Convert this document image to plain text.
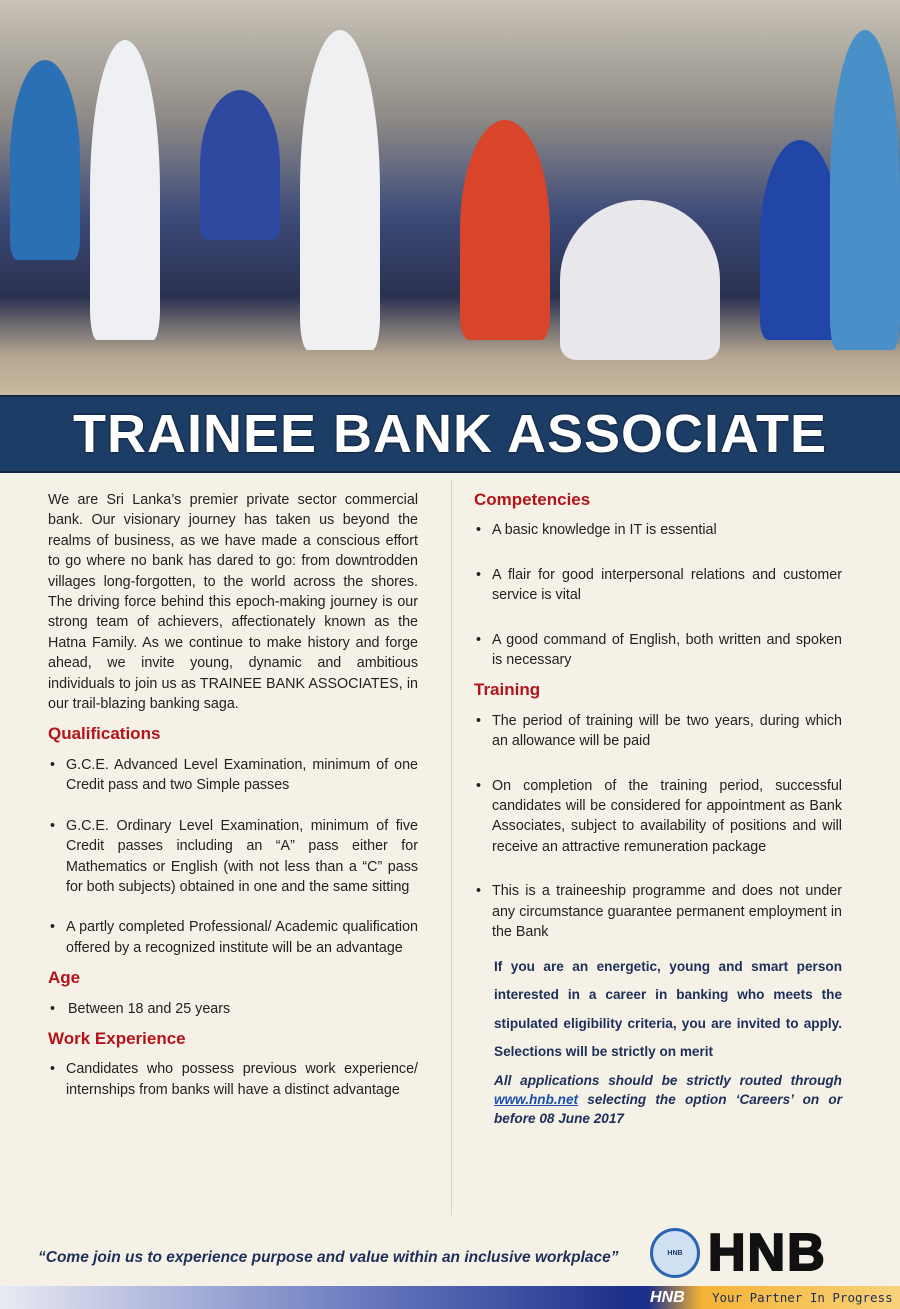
TRAINEE BANK ASSOCIATE

We are Sri Lanka’s premier private sector commercial bank. Our visionary journey has taken us beyond the realms of business, as we have made a conscious effort to go where no bank has dared to go: from downtrodden villages long-forgotten, to the world across the shores. The driving force behind this epoch-making journey is our strong team of achievers, affectionately known as the Hatna Family. As we continue to make history and forge ahead, we invite young, dynamic and ambitious individuals to join us as TRAINEE BANK ASSOCIATES, in our trail-blazing banking saga.

Qualifications
• G.C.E. Advanced Level Examination, minimum of one Credit pass and two Simple passes
• G.C.E. Ordinary Level Examination, minimum of five Credit passes including an “A” pass either for Mathematics or English (with not less than a “C” pass for both subjects) obtained in one and the same sitting
• A partly completed Professional/ Academic qualification offered by a recognized institute will be an advantage
Age
• Between 18 and 25 years
Work Experience
• Candidates who possess previous work experience/ internships from banks will have a distinct advantage
Competencies
• A basic knowledge in IT is essential
• A flair for good interpersonal relations and customer service is vital
• A good command of English, both written and spoken is necessary
Training
• The period of training will be two years, during which an allowance will be paid
• On completion of the training period, successful candidates will be considered for appointment as Bank Associates, subject to availability of positions and will receive an attractive remuneration package
• This is a traineeship programme and does not under any circumstance guarantee permanent employment in the Bank

If you are an energetic, young and smart person interested in a career in banking who meets the stipulated eligibility criteria, you are invited to apply. Selections will be strictly on merit

All applications should be strictly routed through www.hnb.net selecting the option ‘Careers’ on or before 08 June 2017

“Come join us to experience purpose and value within an inclusive workplace”	HNB HNB
HNB Your Partner In Progress
